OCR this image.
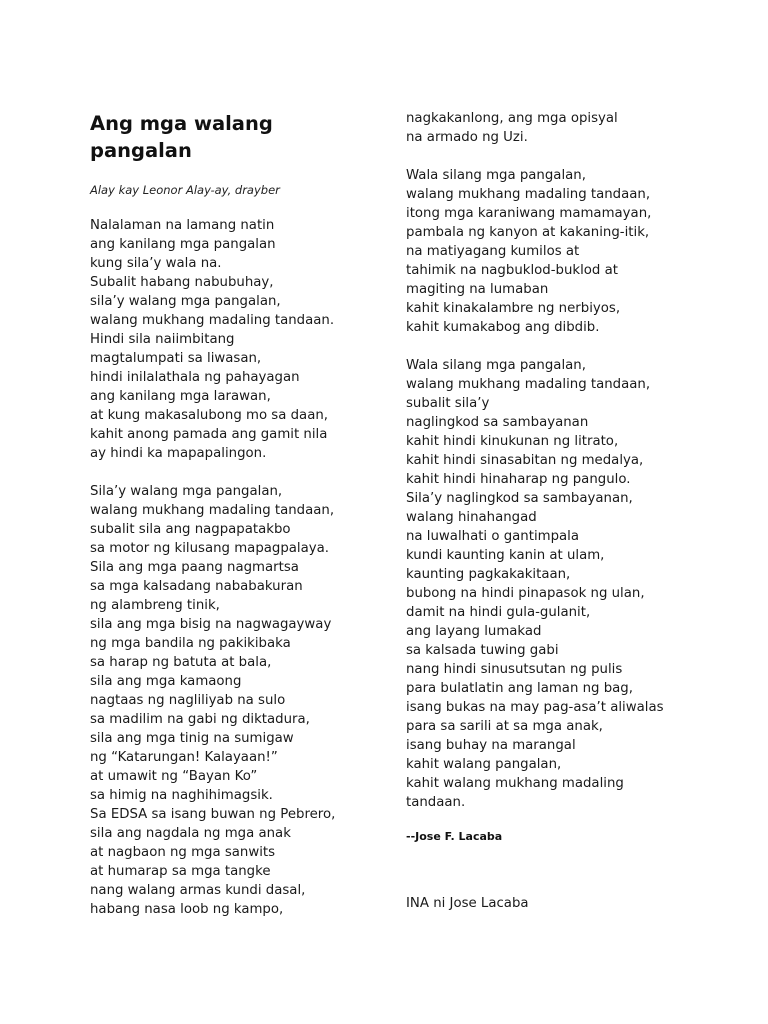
Ang mga walang
pangalan

Alay kay Leonor Alay-ay, drayber

Nalalaman na lamang natin
ang kanilang mga pangalan
kung sila’y wala na.
Subalit habang nabubuhay,
sila’y walang mga pangalan,
walang mukhang madaling tandaan.
Hindi sila naiimbitang
magtalumpati sa liwasan,
hindi inilalathala ng pahayagan
ang kanilang mga larawan,
at kung makasalubong mo sa daan,
kahit anong pamada ang gamit nila
ay hindi ka mapapalingon.
Sila’y walang mga pangalan,
walang mukhang madaling tandaan,
subalit sila ang nagpapatakbo
sa motor ng kilusang mapagpalaya.
Sila ang mga paang nagmartsa
sa mga kalsadang nababakuran
ng alambreng tinik,
sila ang mga bisig na nagwagayway
ng mga bandila ng pakikibaka
sa harap ng batuta at bala,
sila ang mga kamaong
nagtaas ng nagliliyab na sulo
sa madilim na gabi ng diktadura,
sila ang mga tinig na sumigaw
ng “Katarungan! Kalayaan!”
at umawit ng “Bayan Ko”
sa himig na naghihimagsik.
Sa EDSA sa isang buwan ng Pebrero,
sila ang nagdala ng mga anak
at nagbaon ng mga sanwits
at humarap sa mga tangke
nang walang armas kundi dasal,
habang nasa loob ng kampo,
nagkakanlong, ang mga opisyal
na armado ng Uzi.
Wala silang mga pangalan,
walang mukhang madaling tandaan,
itong mga karaniwang mamamayan,
pambala ng kanyon at kakaning-itik,
na matiyagang kumilos at
tahimik na nagbuklod-buklod at
magiting na lumaban
kahit kinakalambre ng nerbiyos,
kahit kumakabog ang dibdib.
Wala silang mga pangalan,
walang mukhang madaling tandaan,
subalit sila’y
naglingkod sa sambayanan
kahit hindi kinukunan ng litrato,
kahit hindi sinasabitan ng medalya,
kahit hindi hinaharap ng pangulo.
Sila’y naglingkod sa sambayanan,
walang hinahangad
na luwalhati o gantimpala
kundi kaunting kanin at ulam,
kaunting pagkakakitaan,
bubong na hindi pinapasok ng ulan,
damit na hindi gula-gulanit,
ang layang lumakad
sa kalsada tuwing gabi
nang hindi sinusutsutan ng pulis
para bulatlatin ang laman ng bag,
isang bukas na may pag-asa’t aliwalas
para sa sarili at sa mga anak,
isang buhay na marangal
kahit walang pangalan,
kahit walang mukhang madaling
tandaan.

--Jose F. Lacaba

INA ni Jose Lacaba
